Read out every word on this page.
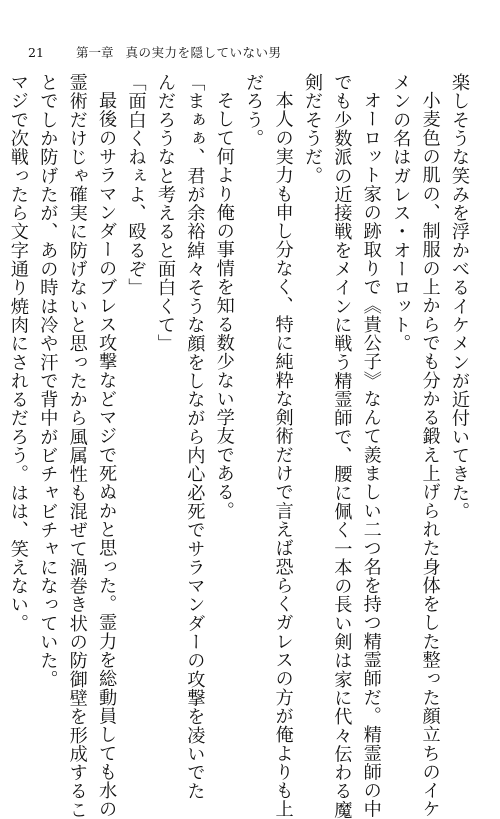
21	第一章 真の実力を隠していない男
楽しそうな笑みを浮かべるイケメンが近付いてきた。
小麦色の肌の、制服の上からでも分かる鍛え上げられた身体をした整った顔立ちのイケ
メンの名はガレス・オーロット。
オーロット家の跡取りで《貴公子》なんて羨ましい二つ名を持つ精霊師だ。精霊師の中
でも少数派の近接戦をメインに戦う精霊師で、腰に佩く一本の長い剣は家に代々伝わる魔
剣だそうだ。
本人の実力も申し分なく、特に純粋な剣術だけで言えば恐らくガレスの方が俺よりも上
だろう。
そして何より俺の事情を知る数少ない学友である。
「まぁぁ、君が余裕綽々そうな顔をしながら内心必死でサラマンダーの攻撃を凌いでた
んだろうなと考えると面白くて」
「面白くねぇよ、殴るぞ」
最後のサラマンダーのブレス攻撃などマジで死ぬかと思った。霊力を総動員しても水の
霊術だけじゃ確実に防げないと思ったから風属性も混ぜて渦巻き状の防御壁を形成するこ
とでしか防げたが、あの時は冷や汗で背中がビチャビチャになっていた。
マジで次戦ったら文字通り焼肉にされるだろう。はは、笑えない。
